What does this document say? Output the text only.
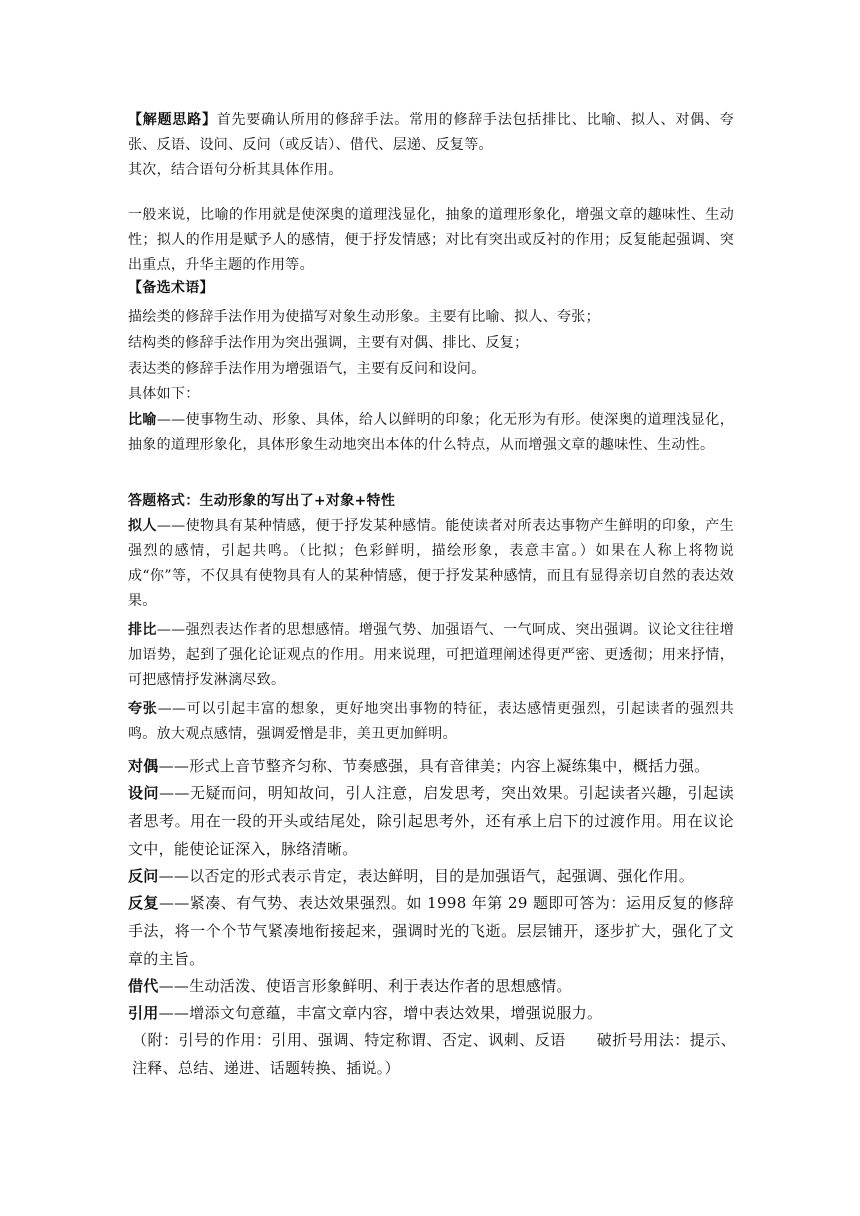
【解题思路】首先要确认所用的修辞手法。常用的修辞手法包括排比、比喻、拟人、对偶、夸张、反语、设问、反问（或反诘）、借代、层递、反复等。
其次，结合语句分析其具体作用。

一般来说，比喻的作用就是使深奥的道理浅显化，抽象的道理形象化，增强文章的趣味性、生动性；拟人的作用是赋予人的感情，便于抒发情感；对比有突出或反衬的作用；反复能起强调、突出重点，升华主题的作用等。

【备选术语】

描绘类的修辞手法作用为使描写对象生动形象。主要有比喻、拟人、夸张；

结构类的修辞手法作用为突出强调，主要有对偶、排比、反复；

表达类的修辞手法作用为增强语气，主要有反问和设问。

具体如下：

比喻——使事物生动、形象、具体，给人以鲜明的印象；化无形为有形。使深奥的道理浅显化，抽象的道理形象化，具体形象生动地突出本体的什么特点，从而增强文章的趣味性、生动性。

答题格式：生动形象的写出了+对象+特性

拟人——使物具有某种情感，便于抒发某种感情。能使读者对所表达事物产生鲜明的印象，产生强烈的感情，引起共鸣。（比拟；色彩鲜明，描绘形象，表意丰富。）如果在人称上将物说成“你”等，不仅具有使物具有人的某种情感，便于抒发某种感情，而且有显得亲切自然的表达效果。

排比——强烈表达作者的思想感情。增强气势、加强语气、一气呵成、突出强调。议论文往往增加语势，起到了强化论证观点的作用。用来说理，可把道理阐述得更严密、更透彻；用来抒情，可把感情抒发淋漓尽致。

夸张——可以引起丰富的想象，更好地突出事物的特征，表达感情更强烈，引起读者的强烈共鸣。放大观点感情，强调爱憎是非，美丑更加鲜明。

对偶——形式上音节整齐匀称、节奏感强，具有音律美；内容上凝练集中，概括力强。

设问——无疑而问，明知故问，引人注意，启发思考，突出效果。引起读者兴趣，引起读者思考。用在一段的开头或结尾处，除引起思考外，还有承上启下的过渡作用。用在议论文中，能使论证深入，脉络清晰。

反问——以否定的形式表示肯定，表达鲜明，目的是加强语气，起强调、强化作用。

反复——紧凑、有气势、表达效果强烈。如 1998 年第 29 题即可答为：运用反复的修辞手法，将一个个节气紧凑地衔接起来，强调时光的飞逝。层层铺开，逐步扩大，强化了文章的主旨。

借代——生动活泼、使语言形象鲜明、利于表达作者的思想感情。

引用——增添文句意蕴，丰富文章内容，增中表达效果，增强说服力。

（附：引号的作用：引用、强调、特定称谓、否定、讽刺、反语　　破折号用法：提示、注释、总结、递进、话题转换、插说。）
